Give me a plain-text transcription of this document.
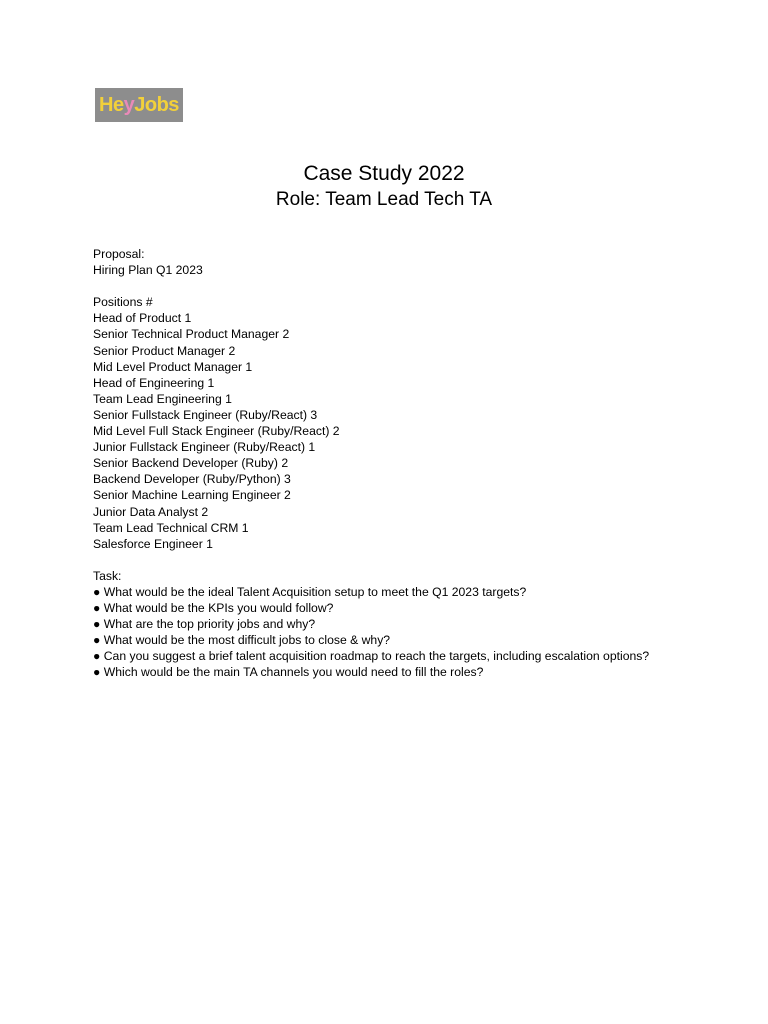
HeyJobs
Case Study 2022
Role: Team Lead Tech TA
Proposal:
Hiring Plan Q1 2023
Positions #
Head of Product 1
Senior Technical Product Manager 2
Senior Product Manager 2
Mid Level Product Manager 1
Head of Engineering 1
Team Lead Engineering 1
Senior Fullstack Engineer (Ruby/React) 3
Mid Level Full Stack Engineer (Ruby/React) 2
Junior Fullstack Engineer (Ruby/React) 1
Senior Backend Developer (Ruby) 2
Backend Developer (Ruby/Python) 3
Senior Machine Learning Engineer 2
Junior Data Analyst 2
Team Lead Technical CRM 1
Salesforce Engineer 1
Task:
● What would be the ideal Talent Acquisition setup to meet the Q1 2023 targets?
● What would be the KPIs you would follow?
● What are the top priority jobs and why?
● What would be the most difficult jobs to close & why?
● Can you suggest a brief talent acquisition roadmap to reach the targets, including escalation options?
● Which would be the main TA channels you would need to fill the roles?
